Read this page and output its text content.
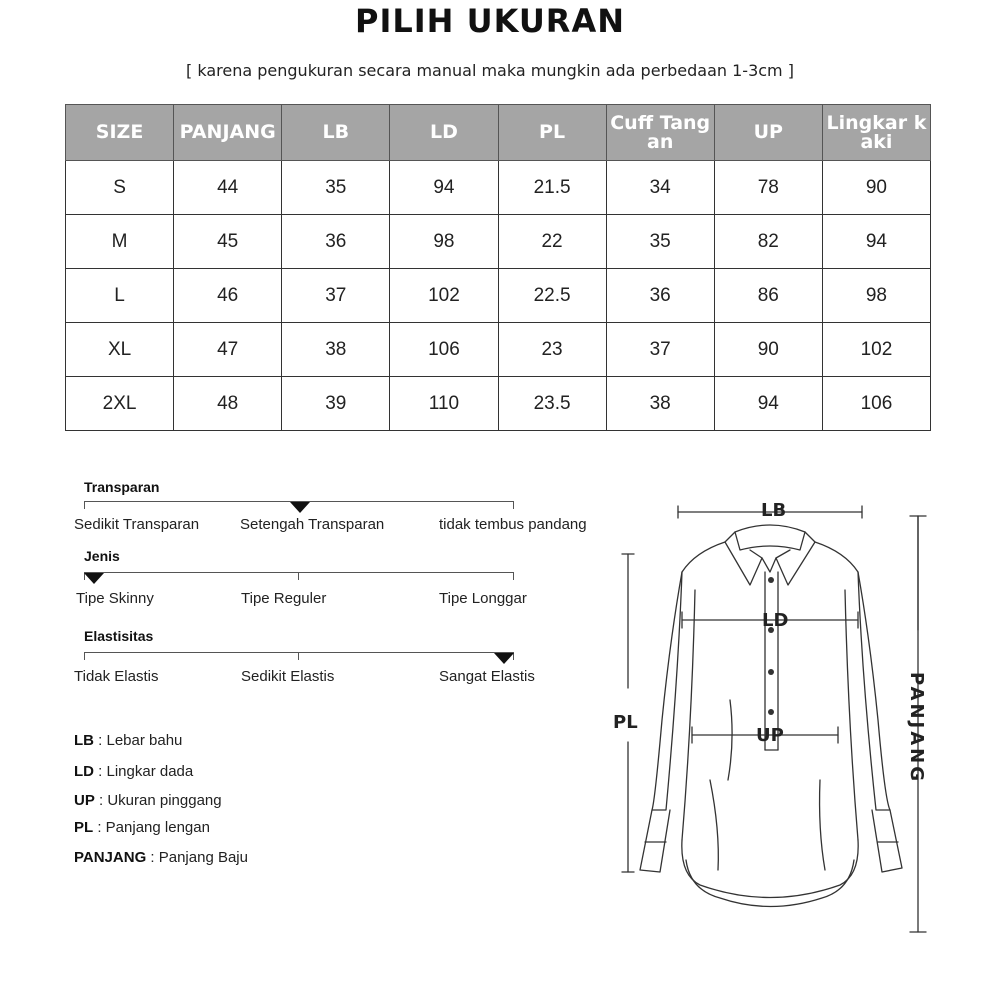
PILIH UKURAN
[ karena pengukuran secara manual maka mungkin ada perbedaan 1-3cm ]
SIZE	PANJANG	LB	LD	PL	Cuff Tangan	UP	Lingkar kaki
S	44	35	94	21.5	34	78	90
M	45	36	98	22	35	82	94
L	46	37	102	22.5	36	86	98
XL	47	38	106	23	37	90	102
2XL	48	39	110	23.5	38	94	106
Transparan
Sedikit Transparan	Setengah Transparan	tidak tembus pandang
Jenis
Tipe Skinny	Tipe Reguler	Tipe Longgar
Elastisitas
Tidak Elastis	Sedikit Elastis	Sangat Elastis
LB : Lebar bahu
LD : Lingkar dada
UP : Ukuran pinggang
PL : Panjang lengan
PANJANG : Panjang Baju
LB
LD
UP
PL	PANJANG
